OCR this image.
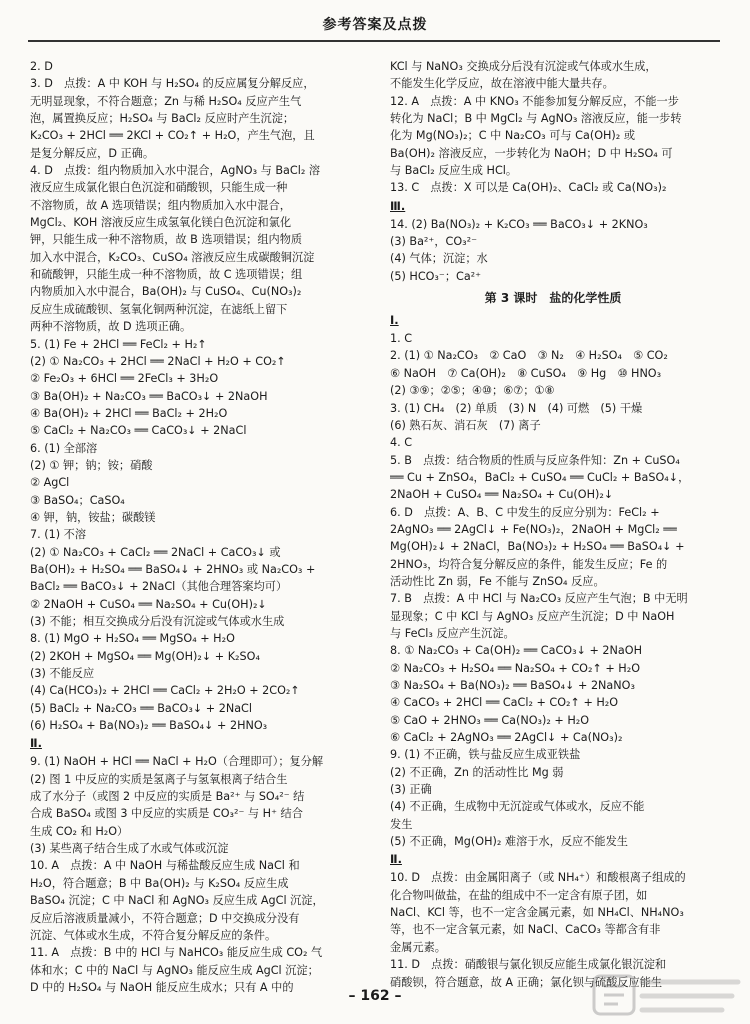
参考答案及点拨
2. D
3. D　点拨：A 中 KOH 与 H₂SO₄ 的反应属复分解反应，
无明显现象，不符合题意；Zn 与稀 H₂SO₄ 反应产生气
泡，属置换反应；H₂SO₄ 与 BaCl₂ 反应时产生沉淀；
K₂CO₃ + 2HCl ══ 2KCl + CO₂↑ + H₂O，产生气泡，且
是复分解反应，D 正确。
4. D　点拨：组内物质加入水中混合，AgNO₃ 与 BaCl₂ 溶
液反应生成氯化银白色沉淀和硝酸钡，只能生成一种
不溶物质，故 A 选项错误；组内物质加入水中混合，
MgCl₂、KOH 溶液反应生成氢氧化镁白色沉淀和氯化
钾，只能生成一种不溶物质，故 B 选项错误；组内物质
加入水中混合，K₂CO₃、CuSO₄ 溶液反应生成碳酸铜沉淀
和硫酸钾，只能生成一种不溶物质，故 C 选项错误；组
内物质加入水中混合，Ba(OH)₂ 与 CuSO₄、Cu(NO₃)₂
反应生成硫酸钡、氢氧化铜两种沉淀，在滤纸上留下
两种不溶物质，故 D 选项正确。
5. (1) Fe + 2HCl ══ FeCl₂ + H₂↑
(2) ① Na₂CO₃ + 2HCl ══ 2NaCl + H₂O + CO₂↑
② Fe₂O₃ + 6HCl ══ 2FeCl₃ + 3H₂O
③ Ba(OH)₂ + Na₂CO₃ ══ BaCO₃↓ + 2NaOH
④ Ba(OH)₂ + 2HCl ══ BaCl₂ + 2H₂O
⑤ CaCl₂ + Na₂CO₃ ══ CaCO₃↓ + 2NaCl
6. (1) 全部溶
(2) ① 钾；钠；铵；硝酸
② AgCl
③ BaSO₄；CaSO₄
④ 钾，钠，铵盐；碳酸镁
7. (1) 不溶
(2) ① Na₂CO₃ + CaCl₂ ══ 2NaCl + CaCO₃↓ 或
Ba(OH)₂ + H₂SO₄ ══ BaSO₄↓ + 2HNO₃ 或 Na₂CO₃ +
BaCl₂ ══ BaCO₃↓ + 2NaCl（其他合理答案均可）
② 2NaOH + CuSO₄ ══ Na₂SO₄ + Cu(OH)₂↓
(3) 不能；相互交换成分后没有沉淀或气体或水生成
8. (1) MgO + H₂SO₄ ══ MgSO₄ + H₂O
(2) 2KOH + MgSO₄ ══ Mg(OH)₂↓ + K₂SO₄
(3) 不能反应
(4) Ca(HCO₃)₂ + 2HCl ══ CaCl₂ + 2H₂O + 2CO₂↑
(5) BaCl₂ + Na₂CO₃ ══ BaCO₃↓ + 2NaCl
(6) H₂SO₄ + Ba(NO₃)₂ ══ BaSO₄↓ + 2HNO₃
Ⅱ.
9. (1) NaOH + HCl ══ NaCl + H₂O（合理即可）；复分解
(2) 图 1 中反应的实质是氢离子与氢氧根离子结合生
成了水分子（或图 2 中反应的实质是 Ba²⁺ 与 SO₄²⁻ 结
合成 BaSO₄ 或图 3 中反应的实质是 CO₃²⁻ 与 H⁺ 结合
生成 CO₂ 和 H₂O）
(3) 某些离子结合生成了水或气体或沉淀
10. A　点拨：A 中 NaOH 与稀盐酸反应生成 NaCl 和
H₂O，符合题意；B 中 Ba(OH)₂ 与 K₂SO₄ 反应生成
BaSO₄ 沉淀；C 中 NaCl 和 AgNO₃ 反应生成 AgCl 沉淀，
反应后溶液质量减小，不符合题意；D 中交换成分没有
沉淀、气体或水生成，不符合复分解反应的条件。
11. A　点拨：B 中的 HCl 与 NaHCO₃ 能反应生成 CO₂ 气
体和水；C 中的 NaCl 与 AgNO₃ 能反应生成 AgCl 沉淀；
D 中的 H₂SO₄ 与 NaOH 能反应生成水；只有 A 中的
KCl 与 NaNO₃ 交换成分后没有沉淀或气体或水生成，
不能发生化学反应，故在溶液中能大量共存。
12. A　点拨：A 中 KNO₃ 不能参加复分解反应，不能一步
转化为 NaCl；B 中 MgCl₂ 与 AgNO₃ 溶液反应，能一步转
化为 Mg(NO₃)₂；C 中 Na₂CO₃ 可与 Ca(OH)₂ 或
Ba(OH)₂ 溶液反应，一步转化为 NaOH；D 中 H₂SO₄ 可
与 BaCl₂ 反应生成 HCl。
13. C　点拨：X 可以是 Ca(OH)₂、CaCl₂ 或 Ca(NO₃)₂
Ⅲ.
14. (2) Ba(NO₃)₂ + K₂CO₃ ══ BaCO₃↓ + 2KNO₃
(3) Ba²⁺，CO₃²⁻
(4) 气体；沉淀；水
(5) HCO₃⁻；Ca²⁺
第 3 课时　盐的化学性质
Ⅰ.
1. C
2. (1) ① Na₂CO₃　② CaO　③ N₂　④ H₂SO₄　⑤ CO₂
⑥ NaOH　⑦ Ca(OH)₂　⑧ CuSO₄　⑨ Hg　⑩ HNO₃
(2) ③⑨；②⑤；④⑩；⑥⑦；①⑧
3. (1) CH₄　(2) 单质　(3) N　(4) 可燃　(5) 干燥
(6) 熟石灰、消石灰　(7) 离子
4. C
5. B　点拨：结合物质的性质与反应条件知：Zn + CuSO₄
══ Cu + ZnSO₄，BaCl₂ + CuSO₄ ══ CuCl₂ + BaSO₄↓，
2NaOH + CuSO₄ ══ Na₂SO₄ + Cu(OH)₂↓
6. D　点拨：A、B、C 中发生的反应分别为：FeCl₂ +
2AgNO₃ ══ 2AgCl↓ + Fe(NO₃)₂，2NaOH + MgCl₂ ══
Mg(OH)₂↓ + 2NaCl，Ba(NO₃)₂ + H₂SO₄ ══ BaSO₄↓ +
2HNO₃，均符合复分解反应的条件，能发生反应；Fe 的
活动性比 Zn 弱，Fe 不能与 ZnSO₄ 反应。
7. B　点拨：A 中 HCl 与 Na₂CO₃ 反应产生气泡；B 中无明
显现象；C 中 KCl 与 AgNO₃ 反应产生沉淀；D 中 NaOH
与 FeCl₃ 反应产生沉淀。
8. ① Na₂CO₃ + Ca(OH)₂ ══ CaCO₃↓ + 2NaOH
② Na₂CO₃ + H₂SO₄ ══ Na₂SO₄ + CO₂↑ + H₂O
③ Na₂SO₄ + Ba(NO₃)₂ ══ BaSO₄↓ + 2NaNO₃
④ CaCO₃ + 2HCl ══ CaCl₂ + CO₂↑ + H₂O
⑤ CaO + 2HNO₃ ══ Ca(NO₃)₂ + H₂O
⑥ CaCl₂ + 2AgNO₃ ══ 2AgCl↓ + Ca(NO₃)₂
9. (1) 不正确，铁与盐反应生成亚铁盐
(2) 不正确，Zn 的活动性比 Mg 弱
(3) 正确
(4) 不正确，生成物中无沉淀或气体或水，反应不能
发生
(5) 不正确，Mg(OH)₂ 难溶于水，反应不能发生
Ⅱ.
10. D　点拨：由金属阳离子（或 NH₄⁺）和酸根离子组成的
化合物叫做盐，在盐的组成中不一定含有原子团，如
NaCl、KCl 等，也不一定含金属元素，如 NH₄Cl、NH₄NO₃
等，也不一定含氧元素，如 NaCl、CaCO₃ 等都含有非
金属元素。
11. D　点拨：硝酸银与氯化钡反应能生成氯化银沉淀和
硝酸钡，符合题意，故 A 正确；氯化钡与硫酸反应能生
– 162 –
